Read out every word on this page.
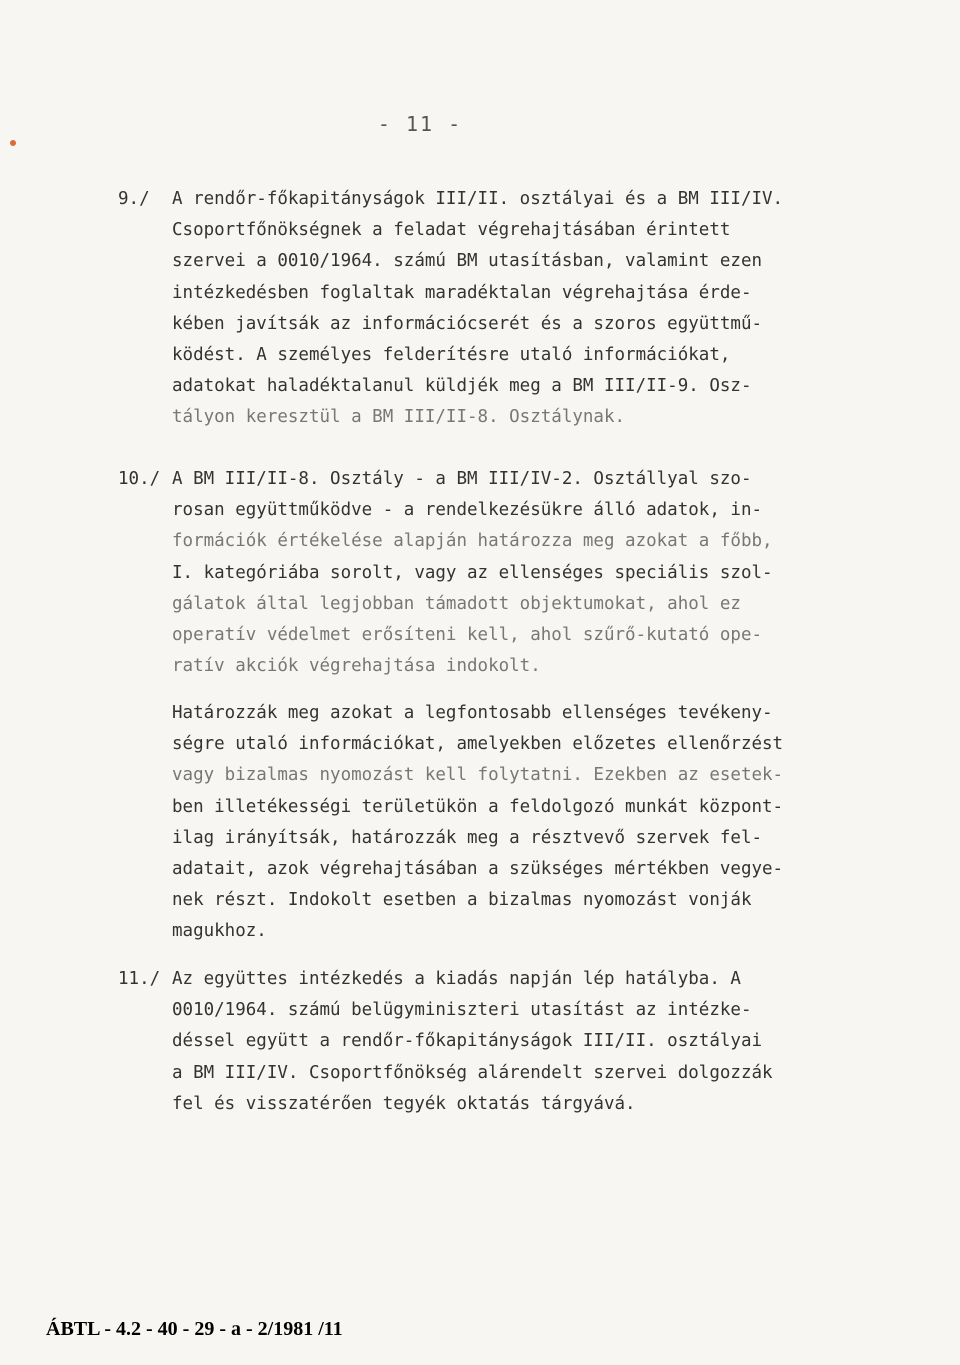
- 11 -
9./	A rendőr-főkapitányságok III/II. osztályai és a BM III/IV.
Csoportfőnökségnek a feladat végrehajtásában érintett
szervei a 0010/1964. számú BM utasításban, valamint ezen
intézkedésben foglaltak maradéktalan végrehajtása érde-
kében javítsák az információcserét és a szoros együttmű-
ködést. A személyes felderítésre utaló információkat,
adatokat haladéktalanul küldjék meg a BM III/II-9. Osz-
tályon keresztül a BM III/II-8. Osztálynak.
10./ A BM III/II-8. Osztály - a BM III/IV-2. Osztállyal szo-
rosan együttműködve - a rendelkezésükre álló adatok, in-
formációk értékelése alapján határozza meg azokat a főbb,
I. kategóriába sorolt, vagy az ellenséges speciális szol-
gálatok által legjobban támadott objektumokat, ahol ez
operatív védelmet erősíteni kell, ahol szűrő-kutató ope-
ratív akciók végrehajtása indokolt.
Határozzák meg azokat a legfontosabb ellenséges tevékeny-
ségre utaló információkat, amelyekben előzetes ellenőrzést
vagy bizalmas nyomozást kell folytatni. Ezekben az esetek-
ben illetékességi területükön a feldolgozó munkát központ-
ilag irányítsák, határozzák meg a résztvevő szervek fel-
adatait, azok végrehajtásában a szükséges mértékben vegye-
nek részt. Indokolt esetben a bizalmas nyomozást vonják
magukhoz.
11./ Az együttes intézkedés a kiadás napján lép hatályba. A
0010/1964. számú belügyminiszteri utasítást az intézke-
déssel együtt a rendőr-főkapitányságok III/II. osztályai
a BM III/IV. Csoportfőnökség alárendelt szervei dolgozzák
fel és visszatérően tegyék oktatás tárgyává.
ÁBTL - 4.2 - 40 - 29 - a - 2/1981 /11
